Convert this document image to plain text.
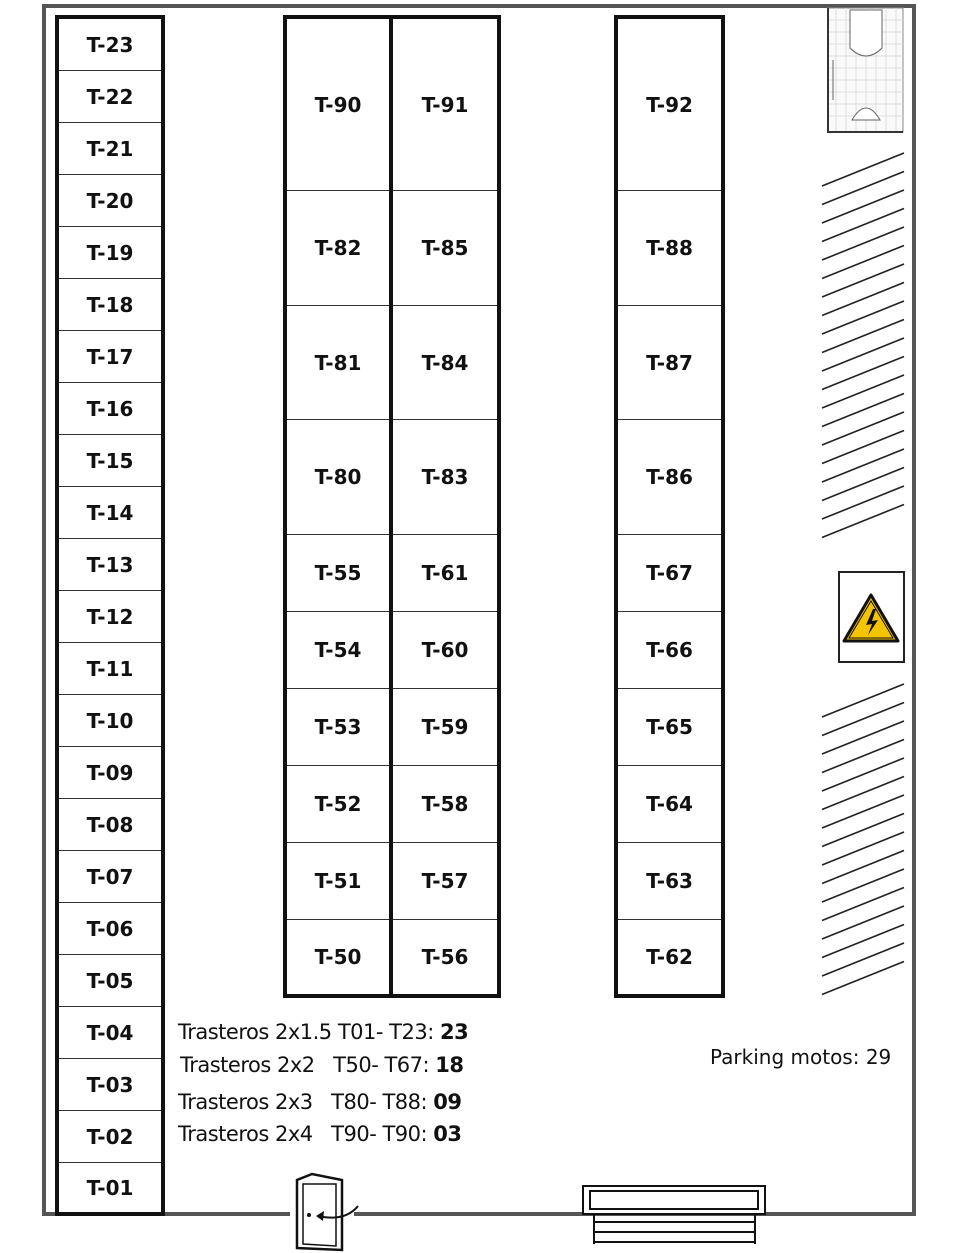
T-23
T-22
T-21
T-20
T-19
T-18
T-17
T-16
T-15
T-14
T-13
T-12
T-11
T-10
T-09
T-08
T-07
T-06
T-05
T-04
T-03
T-02
T-01
T-90
T-82
T-81
T-80
T-55
T-54
T-53
T-52
T-51
T-50
T-91
T-85
T-84
T-83
T-61
T-60
T-59
T-58
T-57
T-56
T-92
T-88
T-87
T-86
T-67
T-66
T-65
T-64
T-63
T-62
Trasteros 2x1.5 T01- T23: 23
Trasteros 2x2 T50- T67: 18
Trasteros 2x3 T80- T88: 09
Trasteros 2x4 T90- T90: 03
Parking motos: 29
